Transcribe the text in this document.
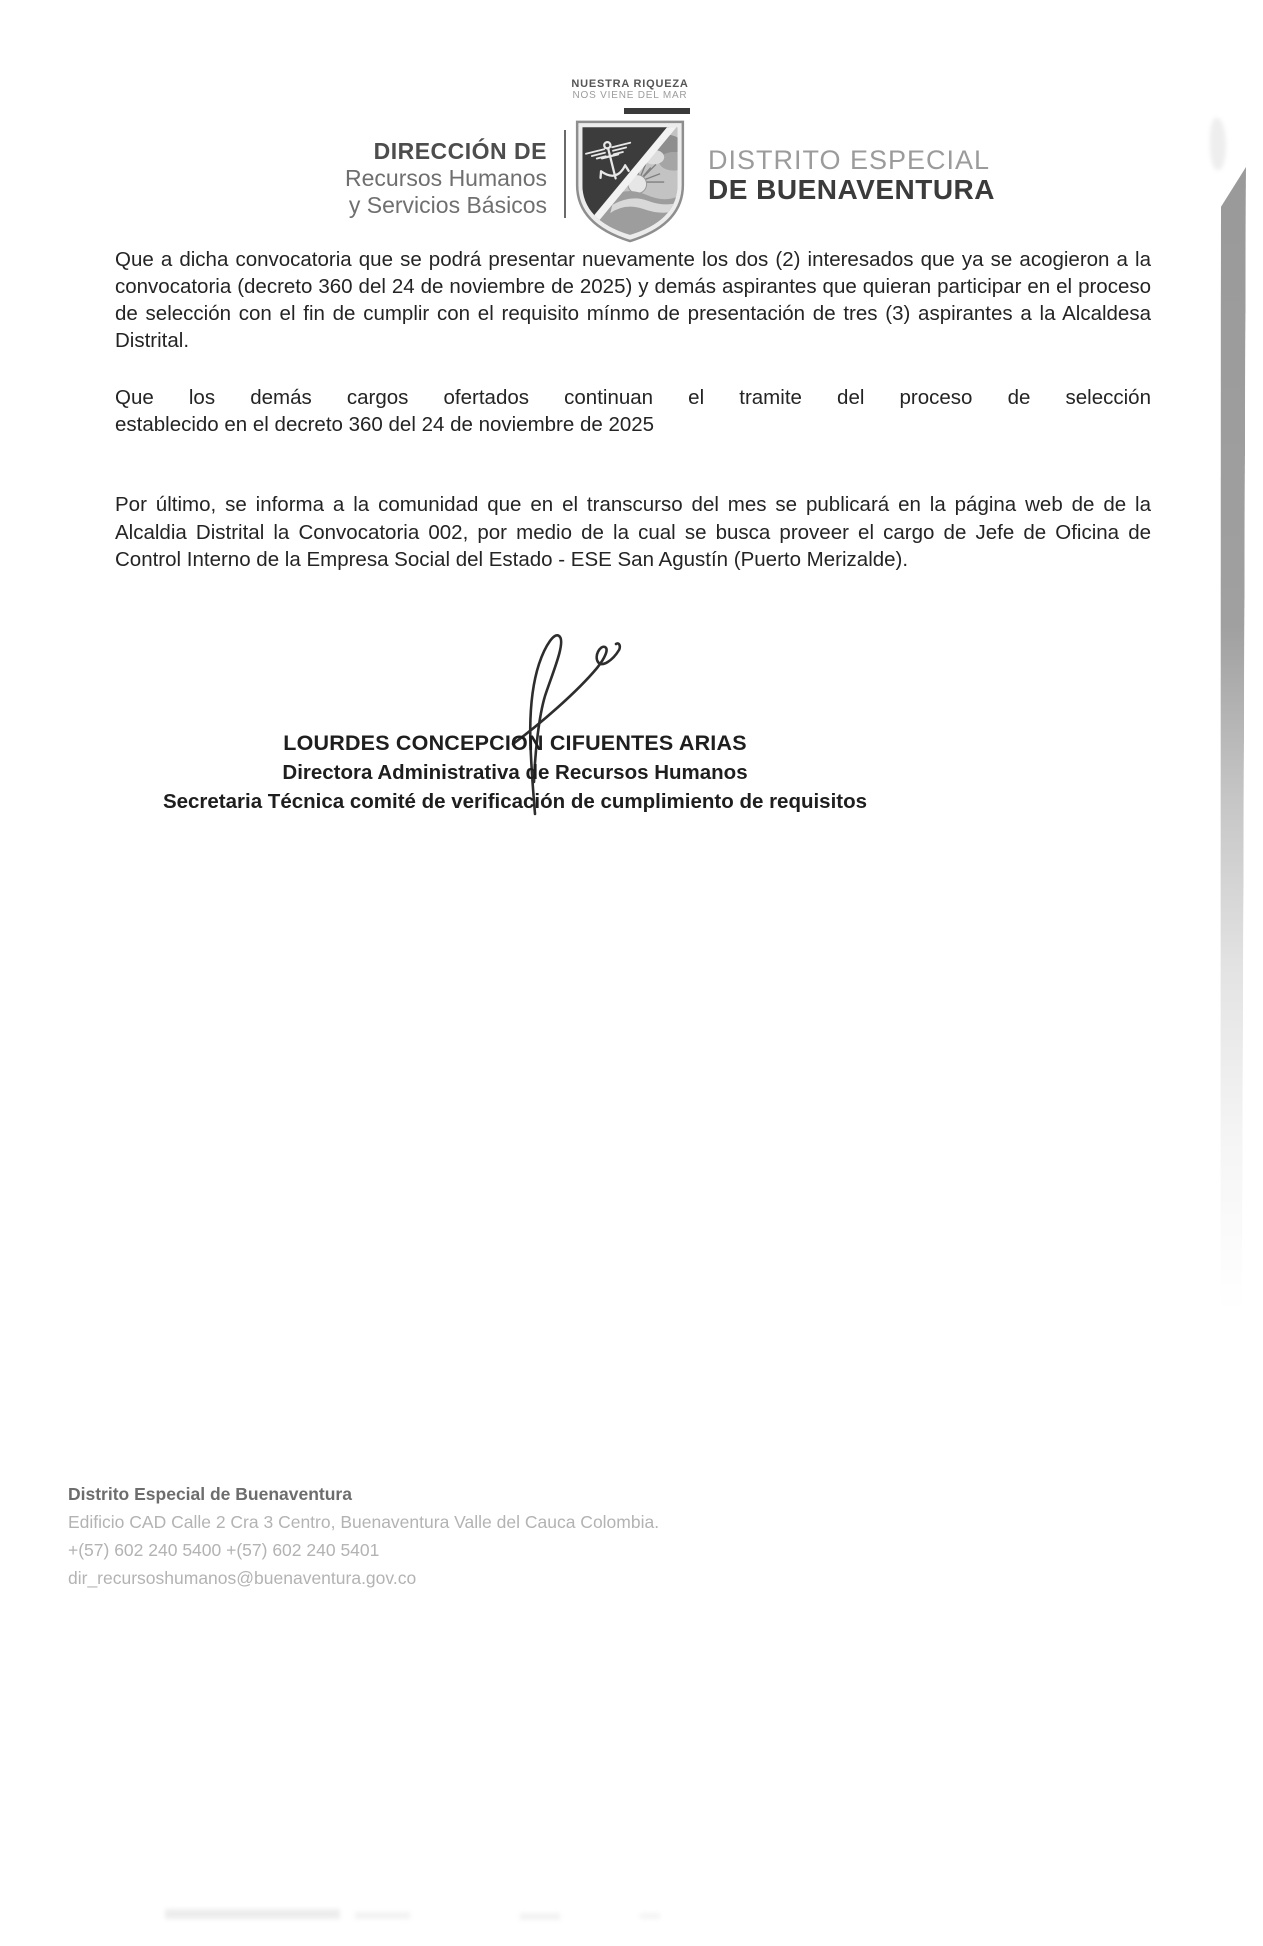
DIRECCIÓN DE
Recursos Humanos
y Servicios Básicos
NUESTRA RIQUEZA
NOS VIENE DEL MAR
DISTRITO ESPECIAL
DE BUENAVENTURA

Que a dicha convocatoria que se podrá presentar nuevamente los dos (2) interesados que ya se acogieron a la convocatoria (decreto 360 del 24 de noviembre de 2025) y demás aspirantes que quieran participar en el proceso de selección con el fin de cumplir con el requisito mínmo de presentación de tres (3) aspirantes a la Alcaldesa Distrital.

Que los demás cargos ofertados continuan el tramite del proceso de selección

establecido en el decreto 360 del 24 de noviembre de 2025

Por último, se informa a la comunidad que en el transcurso del mes se publicará en la página web de de la Alcaldia Distrital la Convocatoria 002, por medio de la cual se busca proveer el cargo de Jefe de Oficina de Control Interno de la Empresa Social del Estado - ESE San Agustín (Puerto Merizalde).

LOURDES CONCEPCION CIFUENTES ARIAS
Directora Administrativa de Recursos Humanos
Secretaria Técnica comité de verificación de cumplimiento de requisitos
Distrito Especial de Buenaventura
Edificio CAD Calle 2 Cra 3 Centro, Buenaventura Valle del Cauca Colombia.
+(57) 602 240 5400 +(57) 602 240 5401
dir_recursoshumanos@buenaventura.gov.co
